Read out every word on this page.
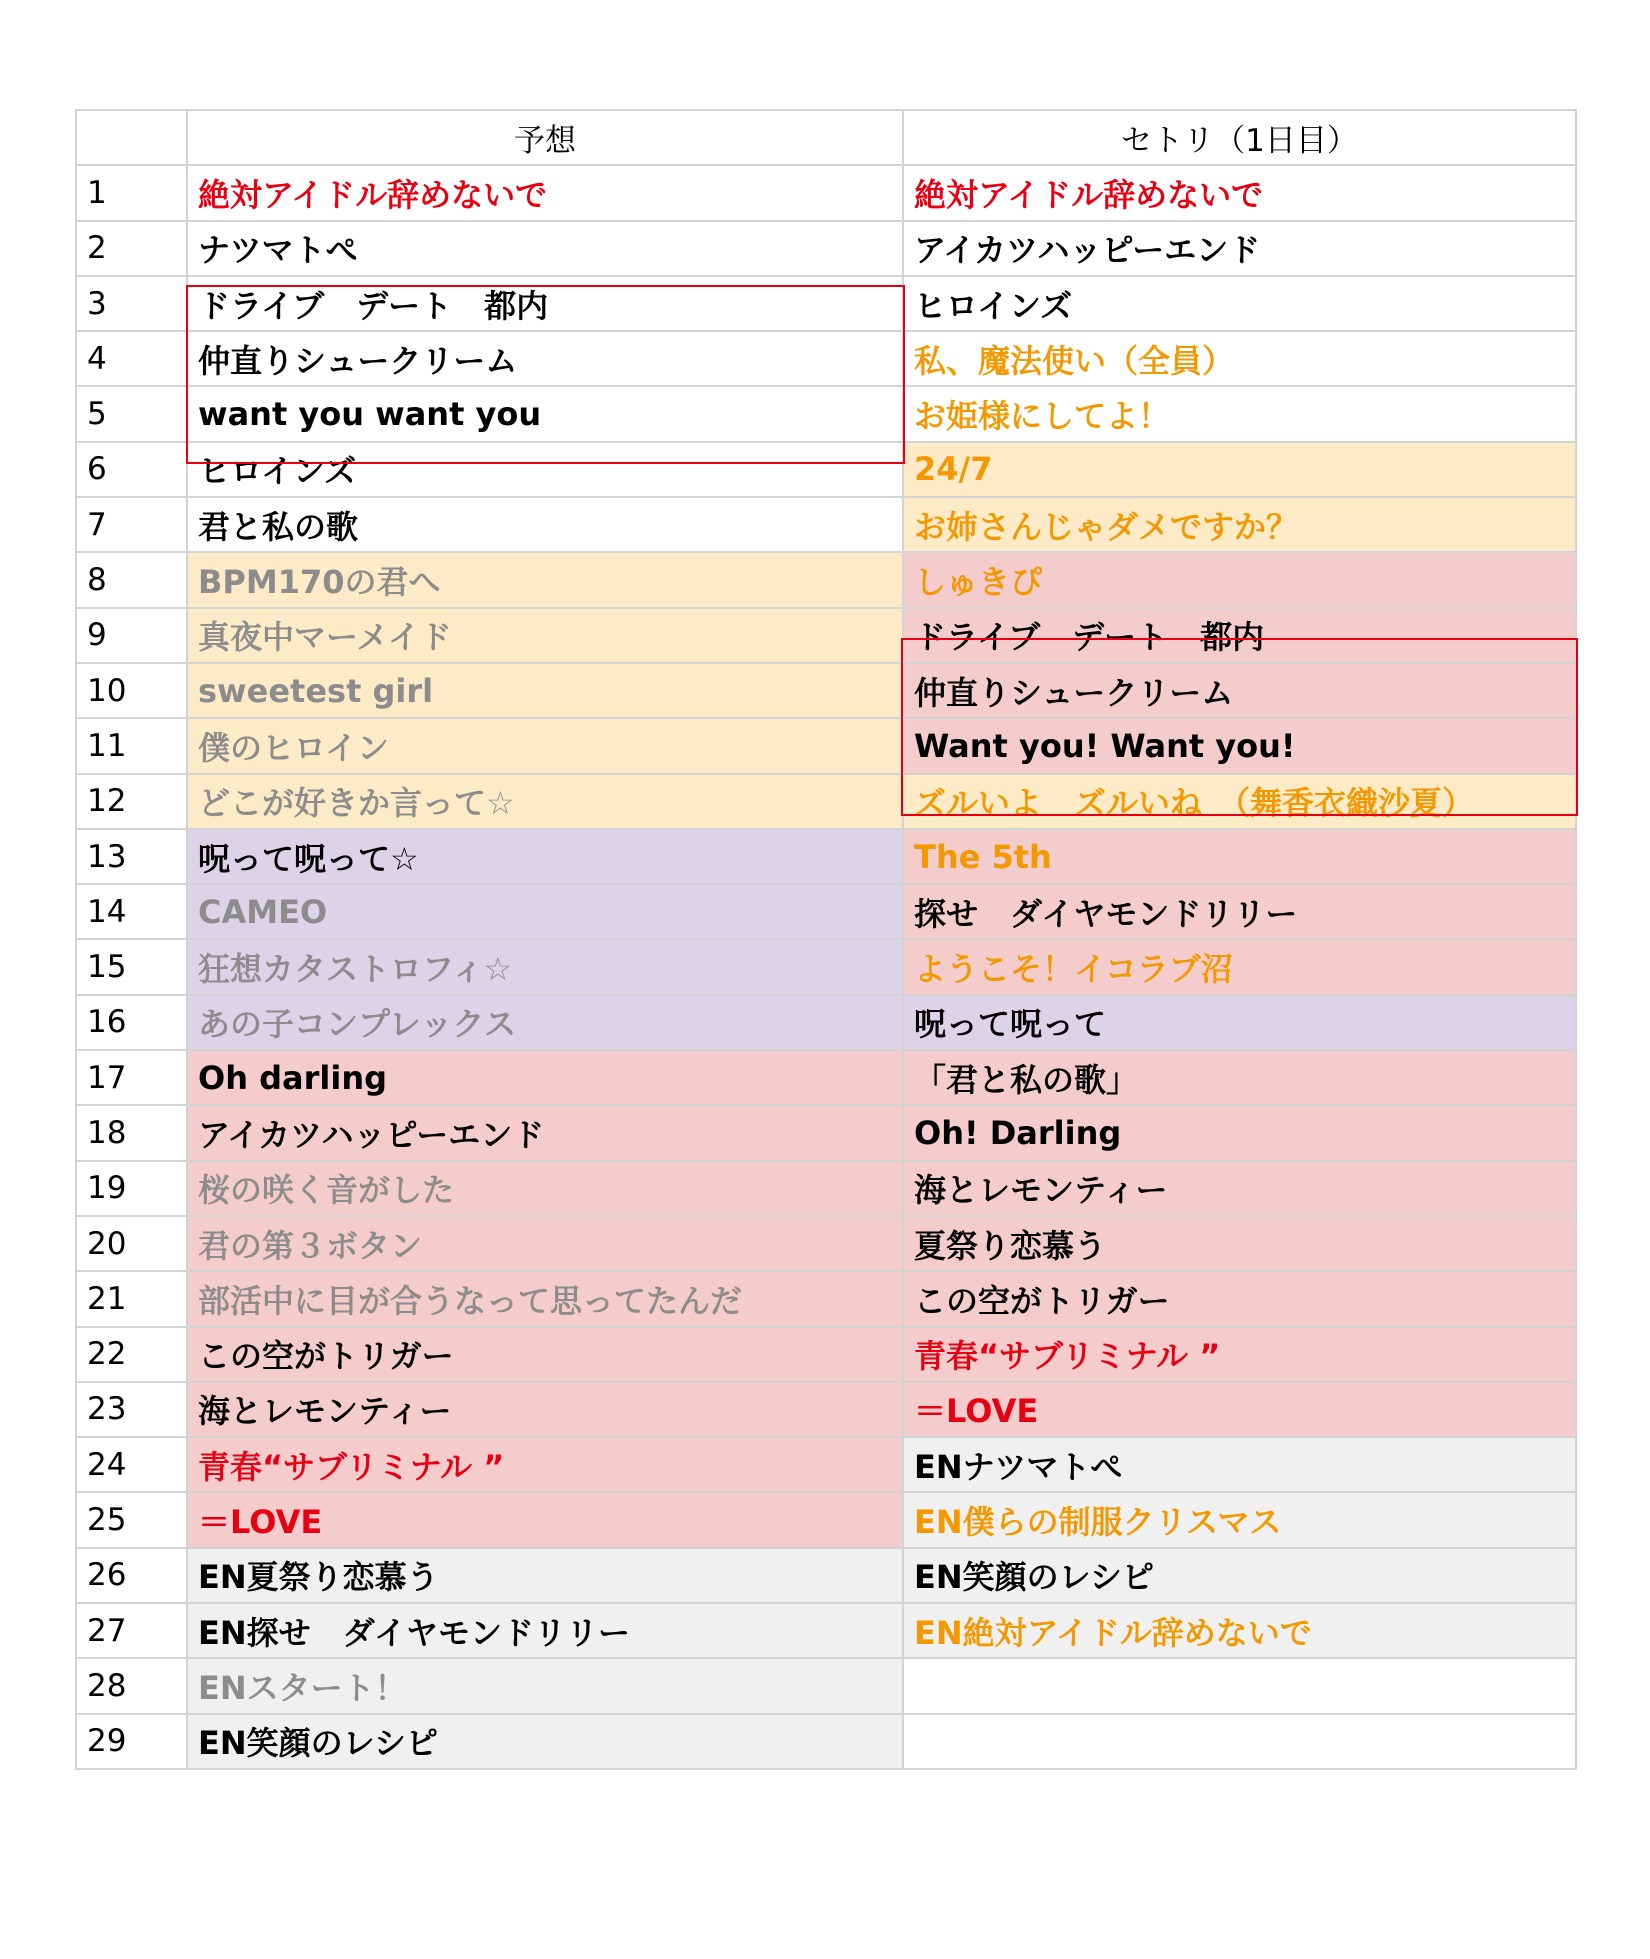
	予想	セトリ（1日目）
1	絶対アイドル辞めないで	絶対アイドル辞めないで
2	ナツマトぺ	アイカツハッピーエンド
3	ドライブ　デート　都内	ヒロインズ
4	仲直りシュークリーム	私、魔法使い（全員）
5	want you want you	お姫様にしてよ！
6	ヒロインズ	24/7
7	君と私の歌	お姉さんじゃダメですか？
8	BPM170の君へ	しゅきぴ
9	真夜中マーメイド	ドライブ　デート　都内
10	sweetest girl	仲直りシュークリーム
11	僕のヒロイン	Want you! Want you!
12	どこが好きか言って☆	ズルいよ　ズルいね　（舞香衣織沙夏）
13	呪って呪って☆	The 5th
14	CAMEO	探せ　ダイヤモンドリリー
15	狂想カタストロフィ☆	ようこそ！イコラブ沼
16	あの子コンプレックス	呪って呪って
17	Oh darling	「君と私の歌」
18	アイカツハッピーエンド	Oh! Darling
19	桜の咲く音がした	海とレモンティー
20	君の第３ボタン	夏祭り恋慕う
21	部活中に目が合うなって思ってたんだ	この空がトリガー
22	この空がトリガー	青春“サブリミナル ”
23	海とレモンティー	＝LOVE
24	青春“サブリミナル ”	ENナツマトぺ
25	＝LOVE	EN僕らの制服クリスマス
26	EN夏祭り恋慕う	EN笑顔のレシピ
27	EN探せ　ダイヤモンドリリー	EN絶対アイドル辞めないで
28	ENスタート！	
29	EN笑顔のレシピ	
